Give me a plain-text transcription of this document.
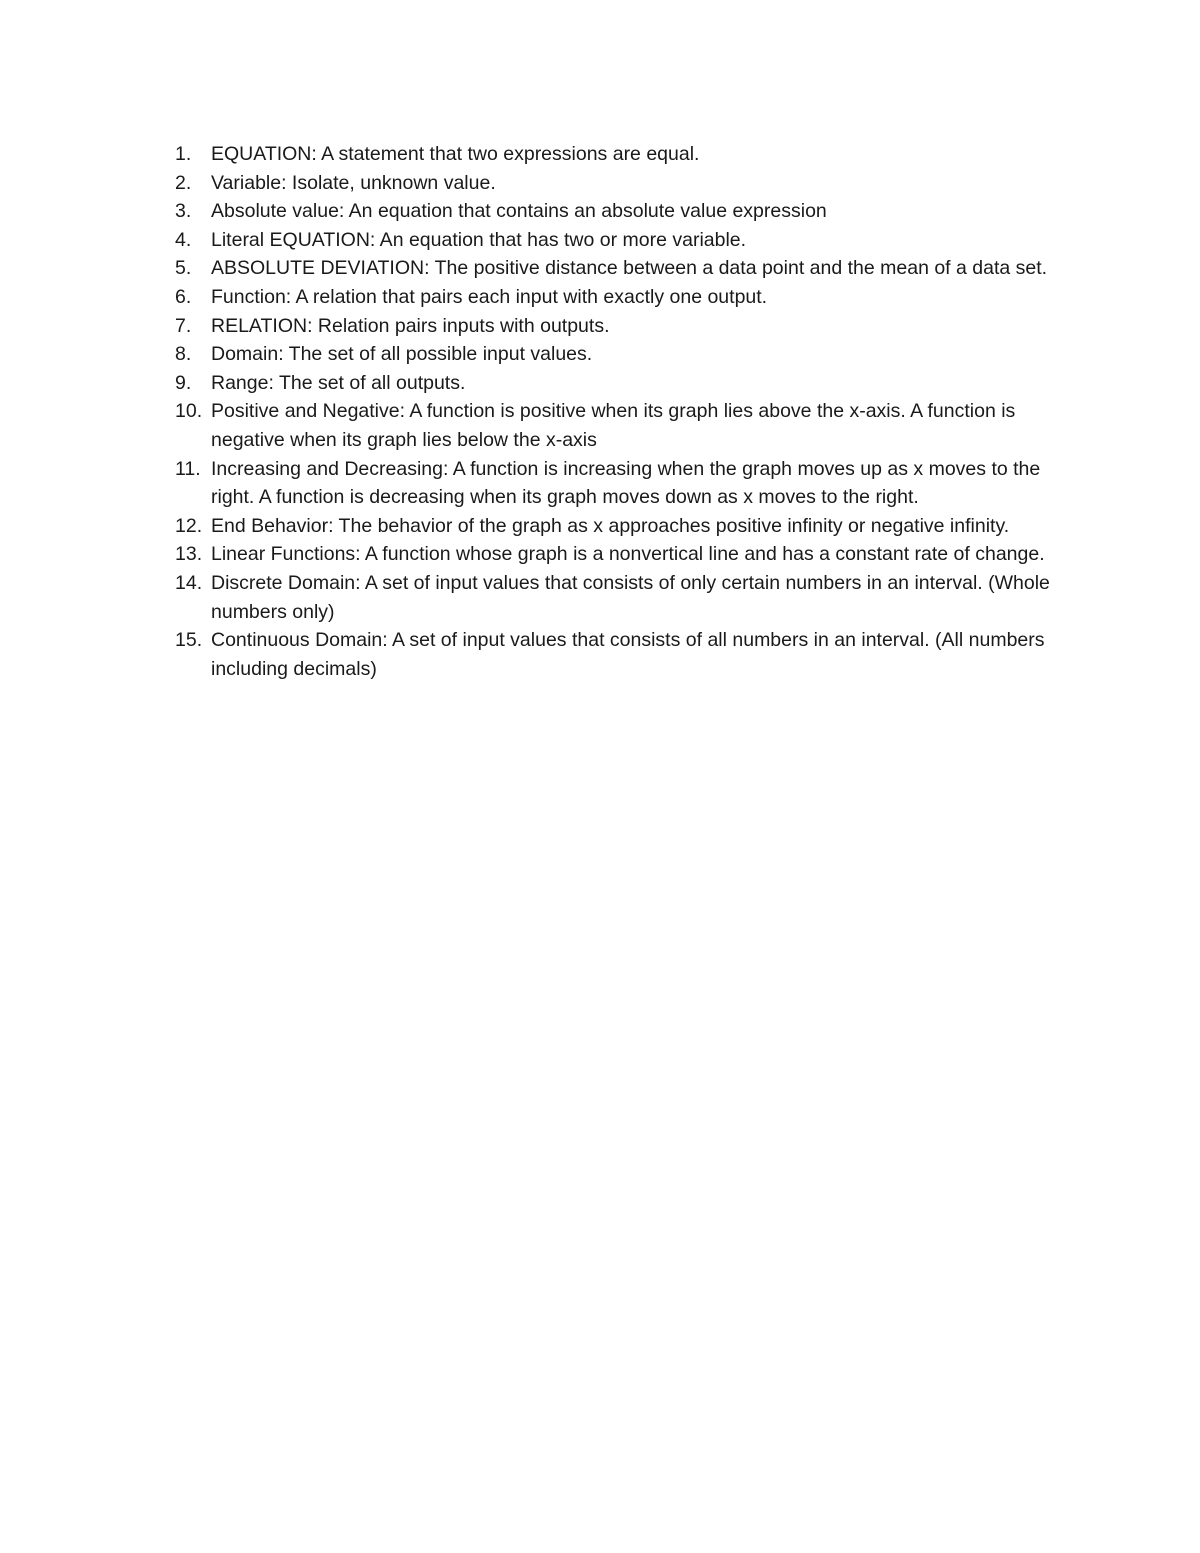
1.	EQUATION: A statement that two expressions are equal.
2.	Variable: Isolate, unknown value.
3.	Absolute value: An equation that contains an absolute value expression
4.	Literal EQUATION: An equation that has two or more variable.
5.	ABSOLUTE DEVIATION: The positive distance between a data point and the mean of a data set.
6.	Function: A relation that pairs each input with exactly one output.
7.	RELATION: Relation pairs inputs with outputs.
8.	Domain: The set of all possible input values.
9.	Range: The set of all outputs.
10. Positive and Negative: A function is positive when its graph lies above the x-axis. A function is negative when its graph lies below the x-axis
11. Increasing and Decreasing: A function is increasing when the graph moves up as x moves to the right. A function is decreasing when its graph moves down as x moves to the right.
12. End Behavior: The behavior of the graph as x approaches positive infinity or negative infinity.
13. Linear Functions: A function whose graph is a nonvertical line and has a constant rate of change.
14. Discrete Domain: A set of input values that consists of only certain numbers in an interval. (Whole numbers only)
15. Continuous Domain: A set of input values that consists of all numbers in an interval. (All numbers including decimals)
